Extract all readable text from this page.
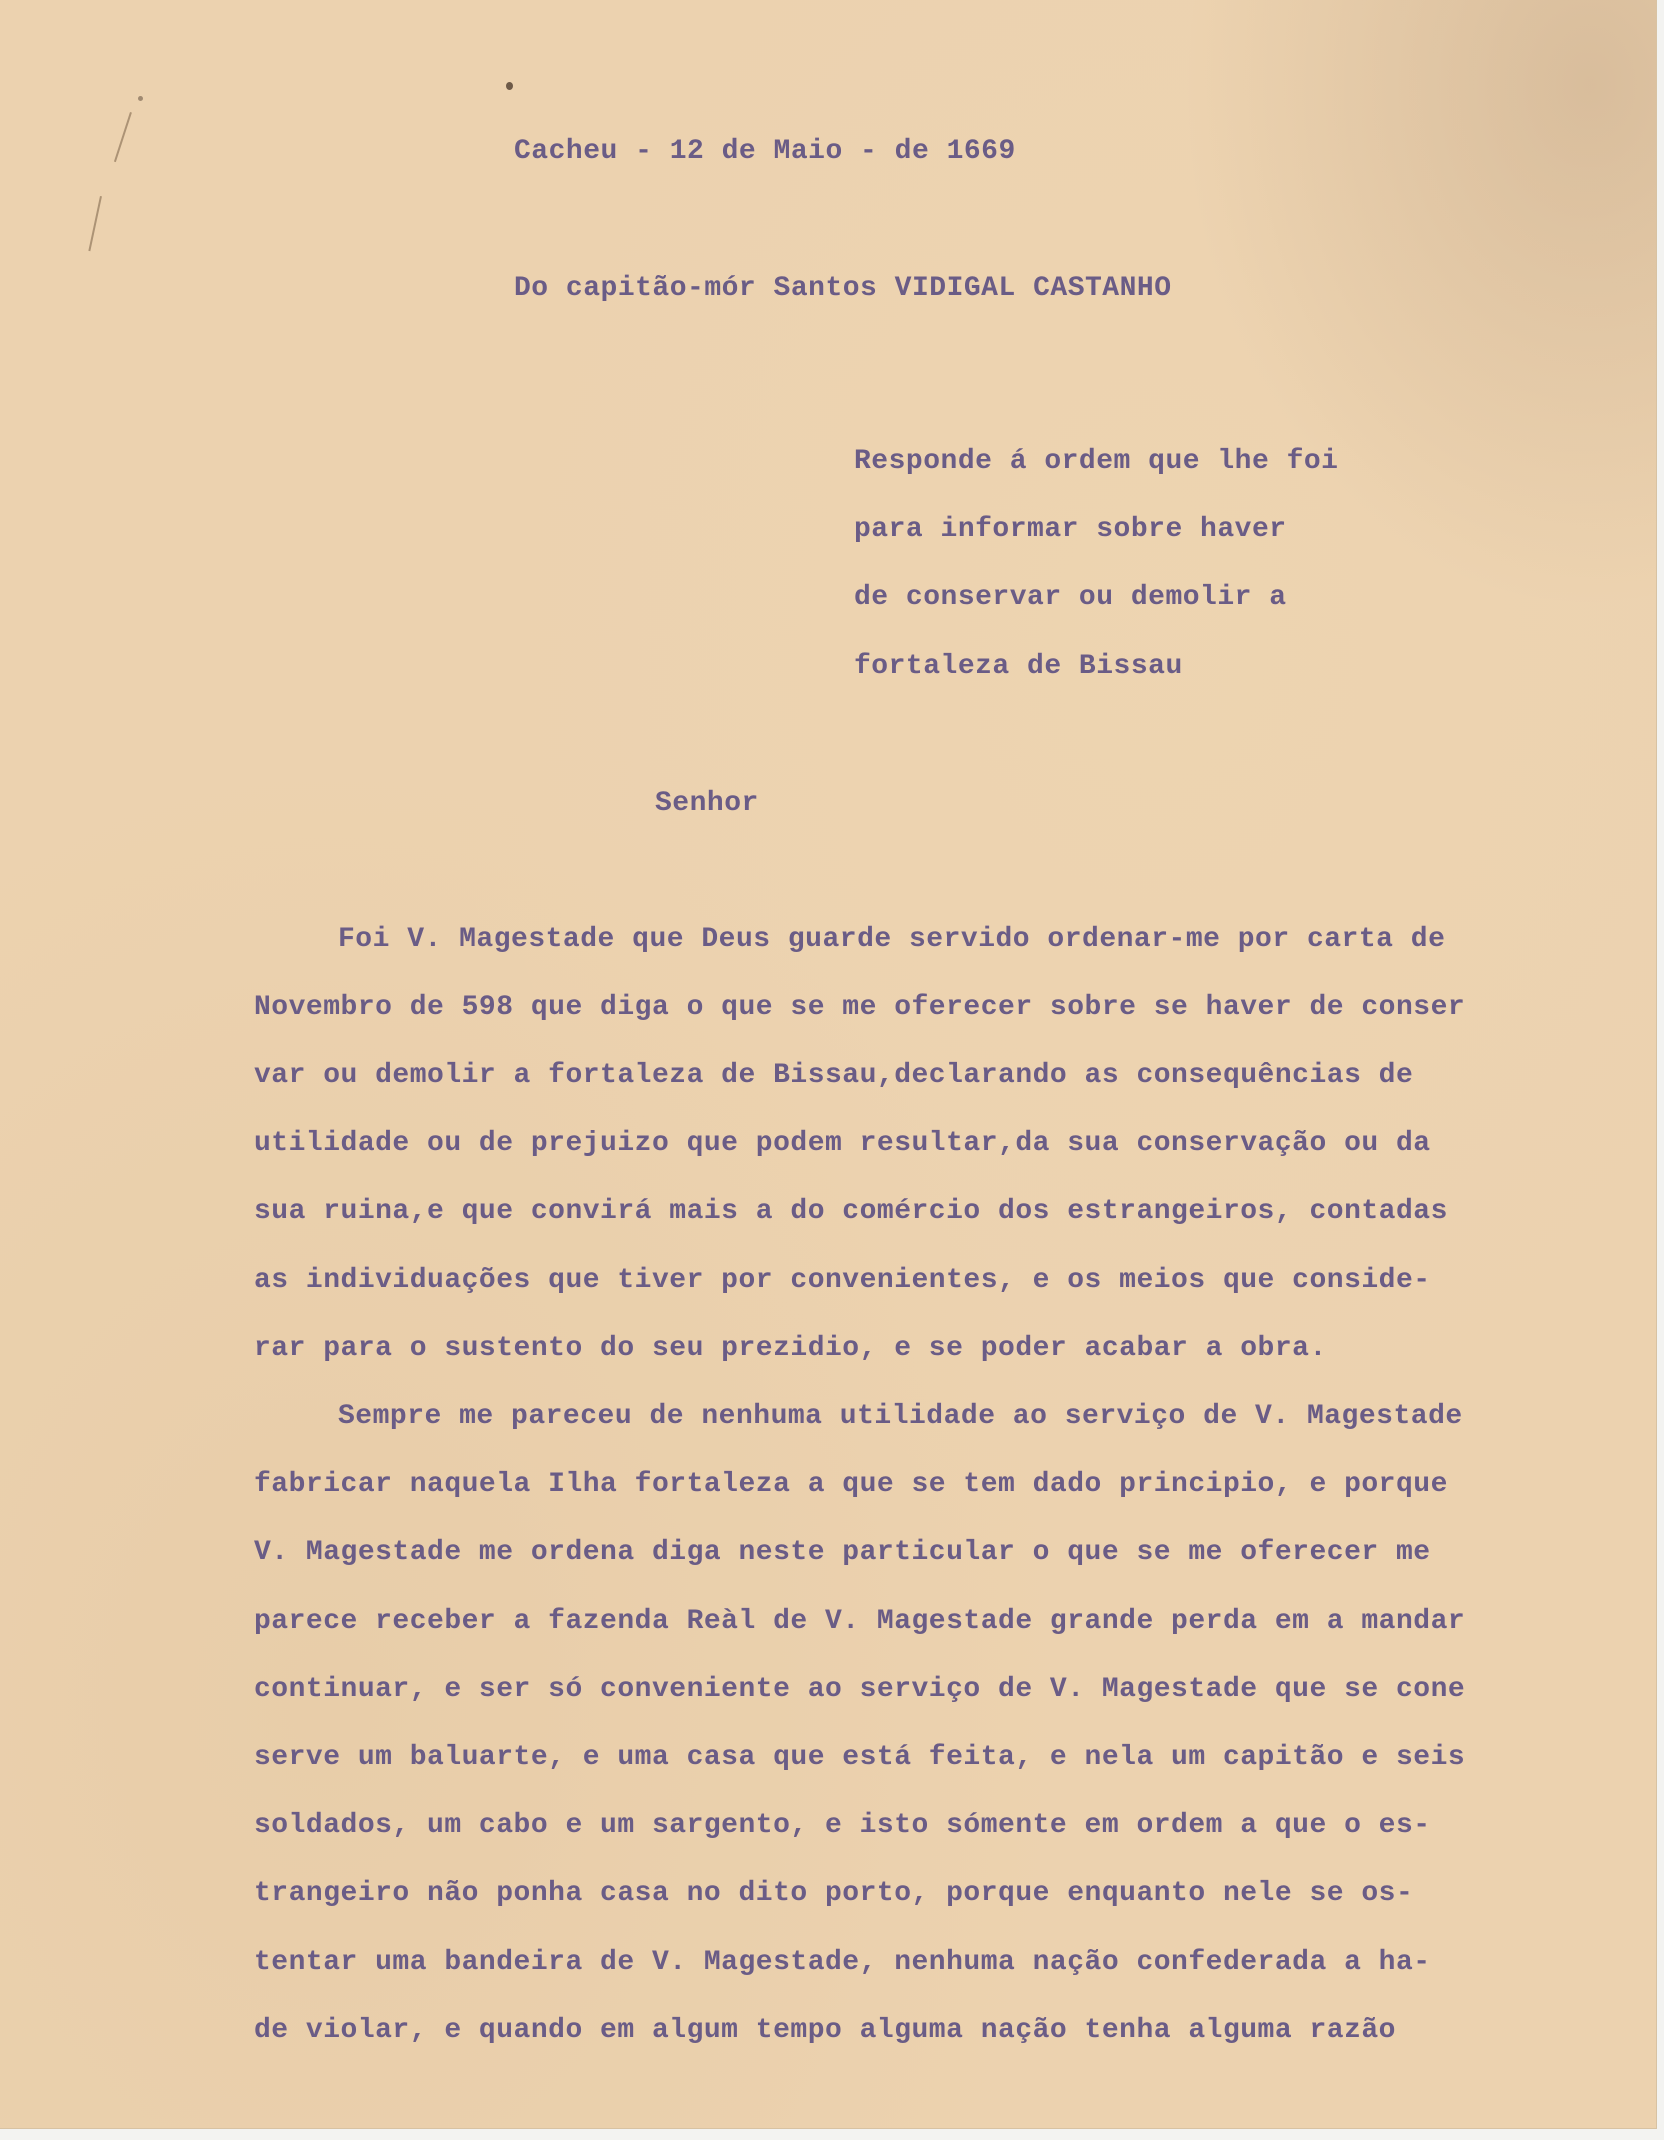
Cacheu - 12 de Maio - de 1669

Do capitão-mór Santos VIDIGAL CASTANHO

Responde á ordem que lhe foi

para informar sobre haver

de conservar ou demolir a

fortaleza de Bissau

Senhor

Foi V. Magestade que Deus guarde servido ordenar-me por carta de

Novembro de 598 que diga o que se me oferecer sobre se haver de conser

var ou demolir a fortaleza de Bissau,declarando as consequências de

utilidade ou de prejuizo que podem resultar,da sua conservação ou da

sua ruina,e que convirá mais a do comércio dos estrangeiros, contadas

as individuações que tiver por convenientes, e os meios que conside-

rar para o sustento do seu prezidio, e se poder acabar a obra.

Sempre me pareceu de nenhuma utilidade ao serviço de V. Magestade

fabricar naquela Ilha fortaleza a que se tem dado principio, e porque

V. Magestade me ordena diga neste particular o que se me oferecer me

parece receber a fazenda Reàl de V. Magestade grande perda em a mandar

continuar, e ser só conveniente ao serviço de V. Magestade que se cone

serve um baluarte, e uma casa que está feita, e nela um capitão e seis

soldados, um cabo e um sargento, e isto sómente em ordem a que o es-

trangeiro não ponha casa no dito porto, porque enquanto nele se os-

tentar uma bandeira de V. Magestade, nenhuma nação confederada a ha-

de violar, e quando em algum tempo alguma nação tenha alguma razão
